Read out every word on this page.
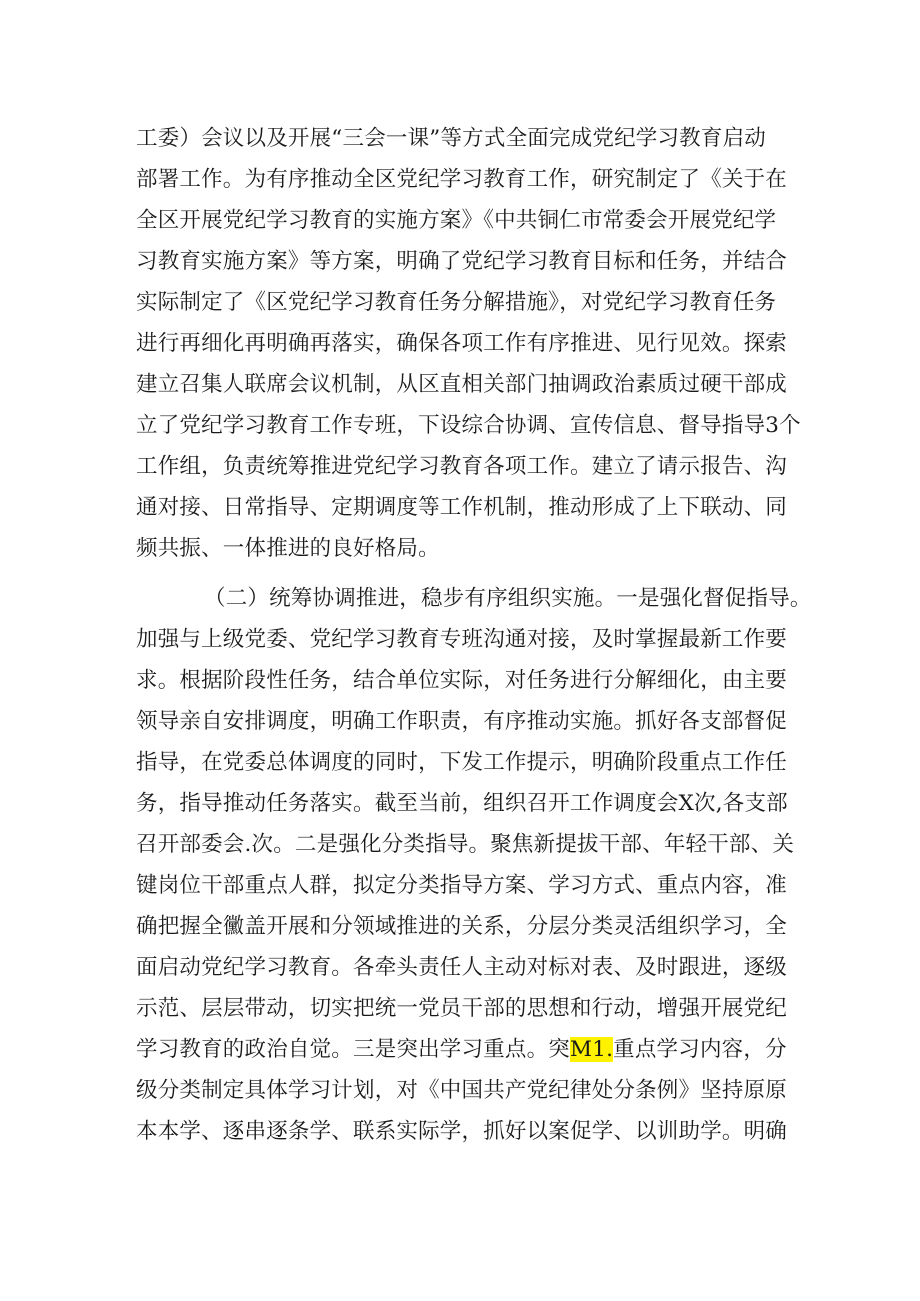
工委）会议以及开展“三会一课”等方式全面完成党纪学习教育启动
部署工作。为有序推动全区党纪学习教育工作，研究制定了《关于在
全区开展党纪学习教育的实施方案》《中共铜仁市常委会开展党纪学
习教育实施方案》等方案，明确了党纪学习教育目标和任务，并结合
实际制定了《区党纪学习教育任务分解措施》，对党纪学习教育任务
进行再细化再明确再落实，确保各项工作有序推进、见行见效。探索
建立召集人联席会议机制，从区直相关部门抽调政治素质过硬干部成
立了党纪学习教育工作专班，下设综合协调、宣传信息、督导指导3个
工作组，负责统筹推进党纪学习教育各项工作。建立了请示报告、沟
通对接、日常指导、定期调度等工作机制，推动形成了上下联动、同
频共振、一体推进的良好格局。
（二）统筹协调推进，稳步有序组织实施。一是强化督促指导。
加强与上级党委、党纪学习教育专班沟通对接，及时掌握最新工作要
求。根据阶段性任务，结合单位实际，对任务进行分解细化，由主要
领导亲自安排调度，明确工作职责，有序推动实施。抓好各支部督促
指导，在党委总体调度的同时，下发工作提示，明确阶段重点工作任
务，指导推动任务落实。截至当前，组织召开工作调度会X次,各支部
召开部委会.次。二是强化分类指导。聚焦新提拔干部、年轻干部、关
键岗位干部重点人群，拟定分类指导方案、学习方式、重点内容，准
确把握全黴盖开展和分领域推进的关系，分层分类灵活组织学习，全
面启动党纪学习教育。各牵头责任人主动对标对表、及时跟进，逐级
示范、层层带动，切实把统一党员干部的思想和行动，增强开展党纪
学习教育的政治自觉。三是突出学习重点。突M1.重点学习内容，分
级分类制定具体学习计划，对《中国共产党纪律处分条例》坚持原原
本本学、逐串逐条学、联系实际学，抓好以案促学、以训助学。明确
